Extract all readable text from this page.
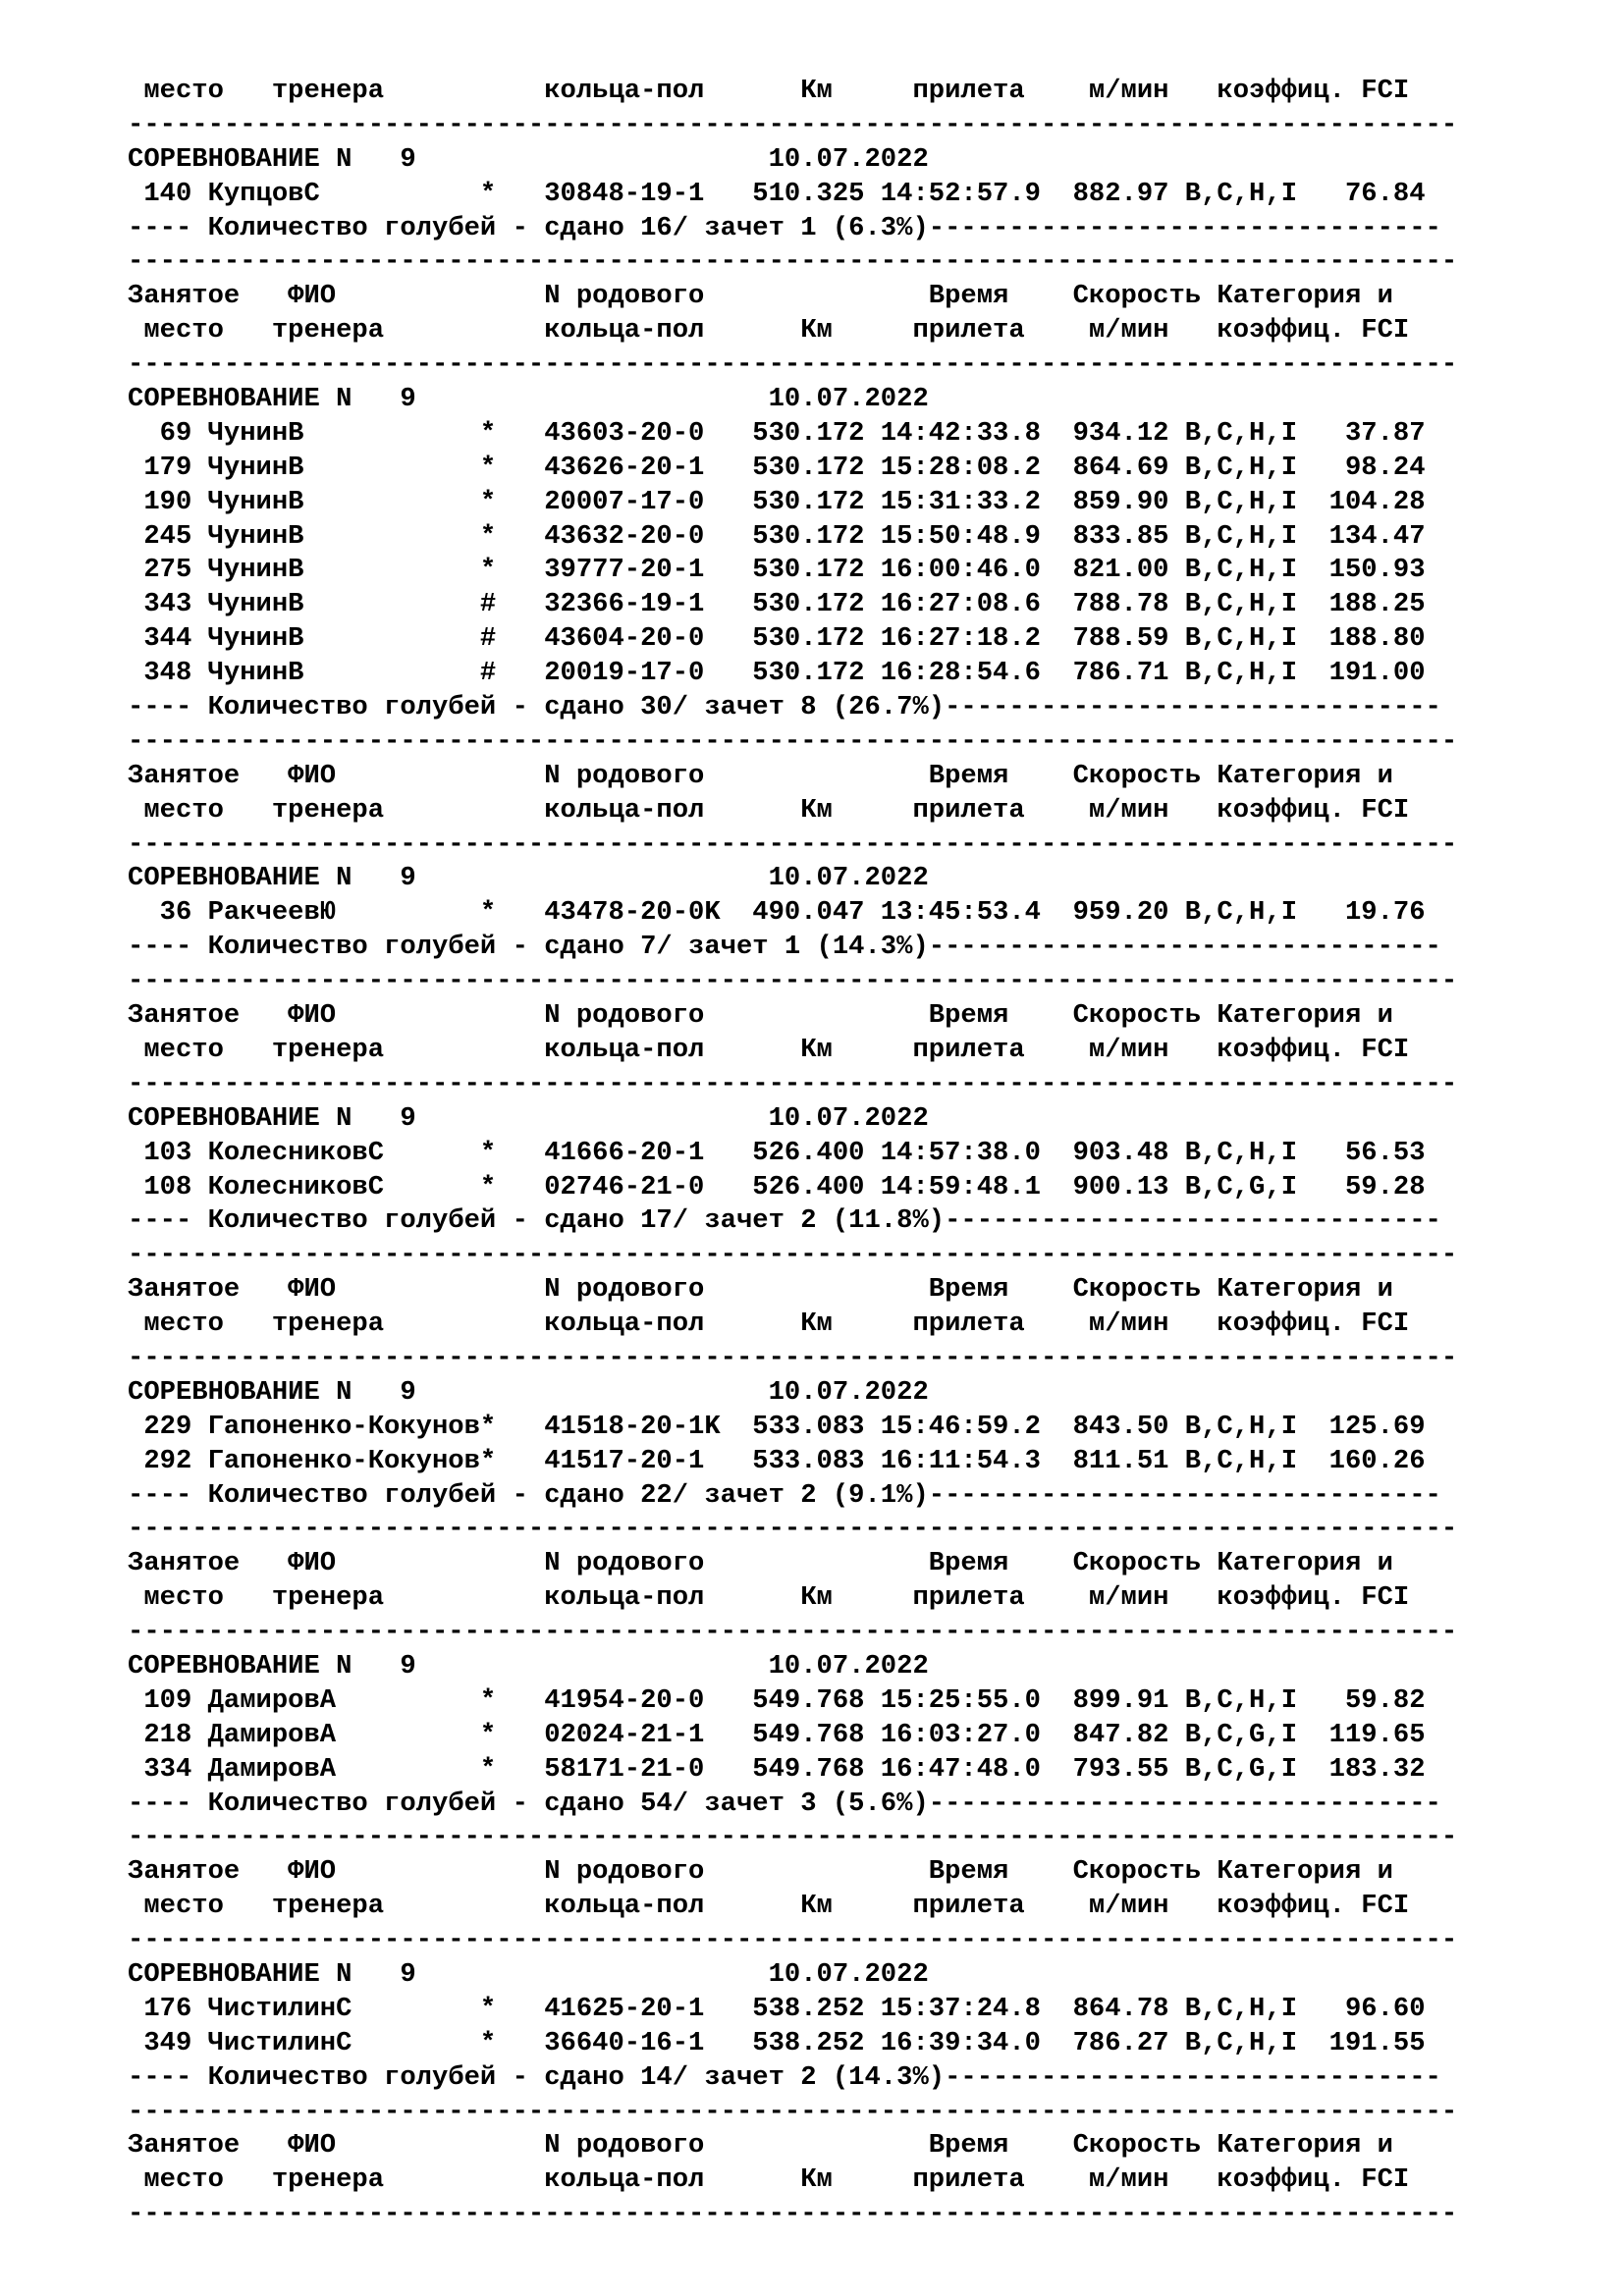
место   тренера          кольца-пол      Км     прилета    м/мин   коэффиц. FCI
-----------------------------------------------------------------------------------
СОРЕВНОВАНИЕ N   9                      10.07.2022
140 КупцовС          *   30848-19-1   510.325 14:52:57.9  882.97 B,C,H,I   76.84
---- Количество голубей - сдано 16/ зачет 1 (6.3%)--------------------------------
-----------------------------------------------------------------------------------
Занятое   ФИО             N родового              Время    Скорость Категория и
место   тренера          кольца-пол      Км     прилета    м/мин   коэффиц. FCI
-----------------------------------------------------------------------------------
СОРЕВНОВАНИЕ N   9                      10.07.2022
69 ЧунинВ           *   43603-20-0   530.172 14:42:33.8  934.12 B,C,H,I   37.87
179 ЧунинВ           *   43626-20-1   530.172 15:28:08.2  864.69 B,C,H,I   98.24
190 ЧунинВ           *   20007-17-0   530.172 15:31:33.2  859.90 B,C,H,I  104.28
245 ЧунинВ           *   43632-20-0   530.172 15:50:48.9  833.85 B,C,H,I  134.47
275 ЧунинВ           *   39777-20-1   530.172 16:00:46.0  821.00 B,C,H,I  150.93
343 ЧунинВ           #   32366-19-1   530.172 16:27:08.6  788.78 B,C,H,I  188.25
344 ЧунинВ           #   43604-20-0   530.172 16:27:18.2  788.59 B,C,H,I  188.80
348 ЧунинВ           #   20019-17-0   530.172 16:28:54.6  786.71 B,C,H,I  191.00
---- Количество голубей - сдано 30/ зачет 8 (26.7%)-------------------------------
-----------------------------------------------------------------------------------
Занятое   ФИО             N родового              Время    Скорость Категория и
место   тренера          кольца-пол      Км     прилета    м/мин   коэффиц. FCI
-----------------------------------------------------------------------------------
СОРЕВНОВАНИЕ N   9                      10.07.2022
36 РакчеевЮ         *   43478-20-0K  490.047 13:45:53.4  959.20 B,C,H,I   19.76
---- Количество голубей - сдано 7/ зачет 1 (14.3%)--------------------------------
-----------------------------------------------------------------------------------
Занятое   ФИО             N родового              Время    Скорость Категория и
место   тренера          кольца-пол      Км     прилета    м/мин   коэффиц. FCI
-----------------------------------------------------------------------------------
СОРЕВНОВАНИЕ N   9                      10.07.2022
103 КолесниковС      *   41666-20-1   526.400 14:57:38.0  903.48 B,C,H,I   56.53
108 КолесниковС      *   02746-21-0   526.400 14:59:48.1  900.13 B,C,G,I   59.28
---- Количество голубей - сдано 17/ зачет 2 (11.8%)-------------------------------
-----------------------------------------------------------------------------------
Занятое   ФИО             N родового              Время    Скорость Категория и
место   тренера          кольца-пол      Км     прилета    м/мин   коэффиц. FCI
-----------------------------------------------------------------------------------
СОРЕВНОВАНИЕ N   9                      10.07.2022
229 Гапоненко-Кокунов*   41518-20-1K  533.083 15:46:59.2  843.50 B,C,H,I  125.69
292 Гапоненко-Кокунов*   41517-20-1   533.083 16:11:54.3  811.51 B,C,H,I  160.26
---- Количество голубей - сдано 22/ зачет 2 (9.1%)--------------------------------
-----------------------------------------------------------------------------------
Занятое   ФИО             N родового              Время    Скорость Категория и
место   тренера          кольца-пол      Км     прилета    м/мин   коэффиц. FCI
-----------------------------------------------------------------------------------
СОРЕВНОВАНИЕ N   9                      10.07.2022
109 ДамировА         *   41954-20-0   549.768 15:25:55.0  899.91 B,C,H,I   59.82
218 ДамировА         *   02024-21-1   549.768 16:03:27.0  847.82 B,C,G,I  119.65
334 ДамировА         *   58171-21-0   549.768 16:47:48.0  793.55 B,C,G,I  183.32
---- Количество голубей - сдано 54/ зачет 3 (5.6%)--------------------------------
-----------------------------------------------------------------------------------
Занятое   ФИО             N родового              Время    Скорость Категория и
место   тренера          кольца-пол      Км     прилета    м/мин   коэффиц. FCI
-----------------------------------------------------------------------------------
СОРЕВНОВАНИЕ N   9                      10.07.2022
176 ЧистилинС        *   41625-20-1   538.252 15:37:24.8  864.78 B,C,H,I   96.60
349 ЧистилинС        *   36640-16-1   538.252 16:39:34.0  786.27 B,C,H,I  191.55
---- Количество голубей - сдано 14/ зачет 2 (14.3%)-------------------------------
-----------------------------------------------------------------------------------
Занятое   ФИО             N родового              Время    Скорость Категория и
место   тренера          кольца-пол      Км     прилета    м/мин   коэффиц. FCI
-----------------------------------------------------------------------------------
